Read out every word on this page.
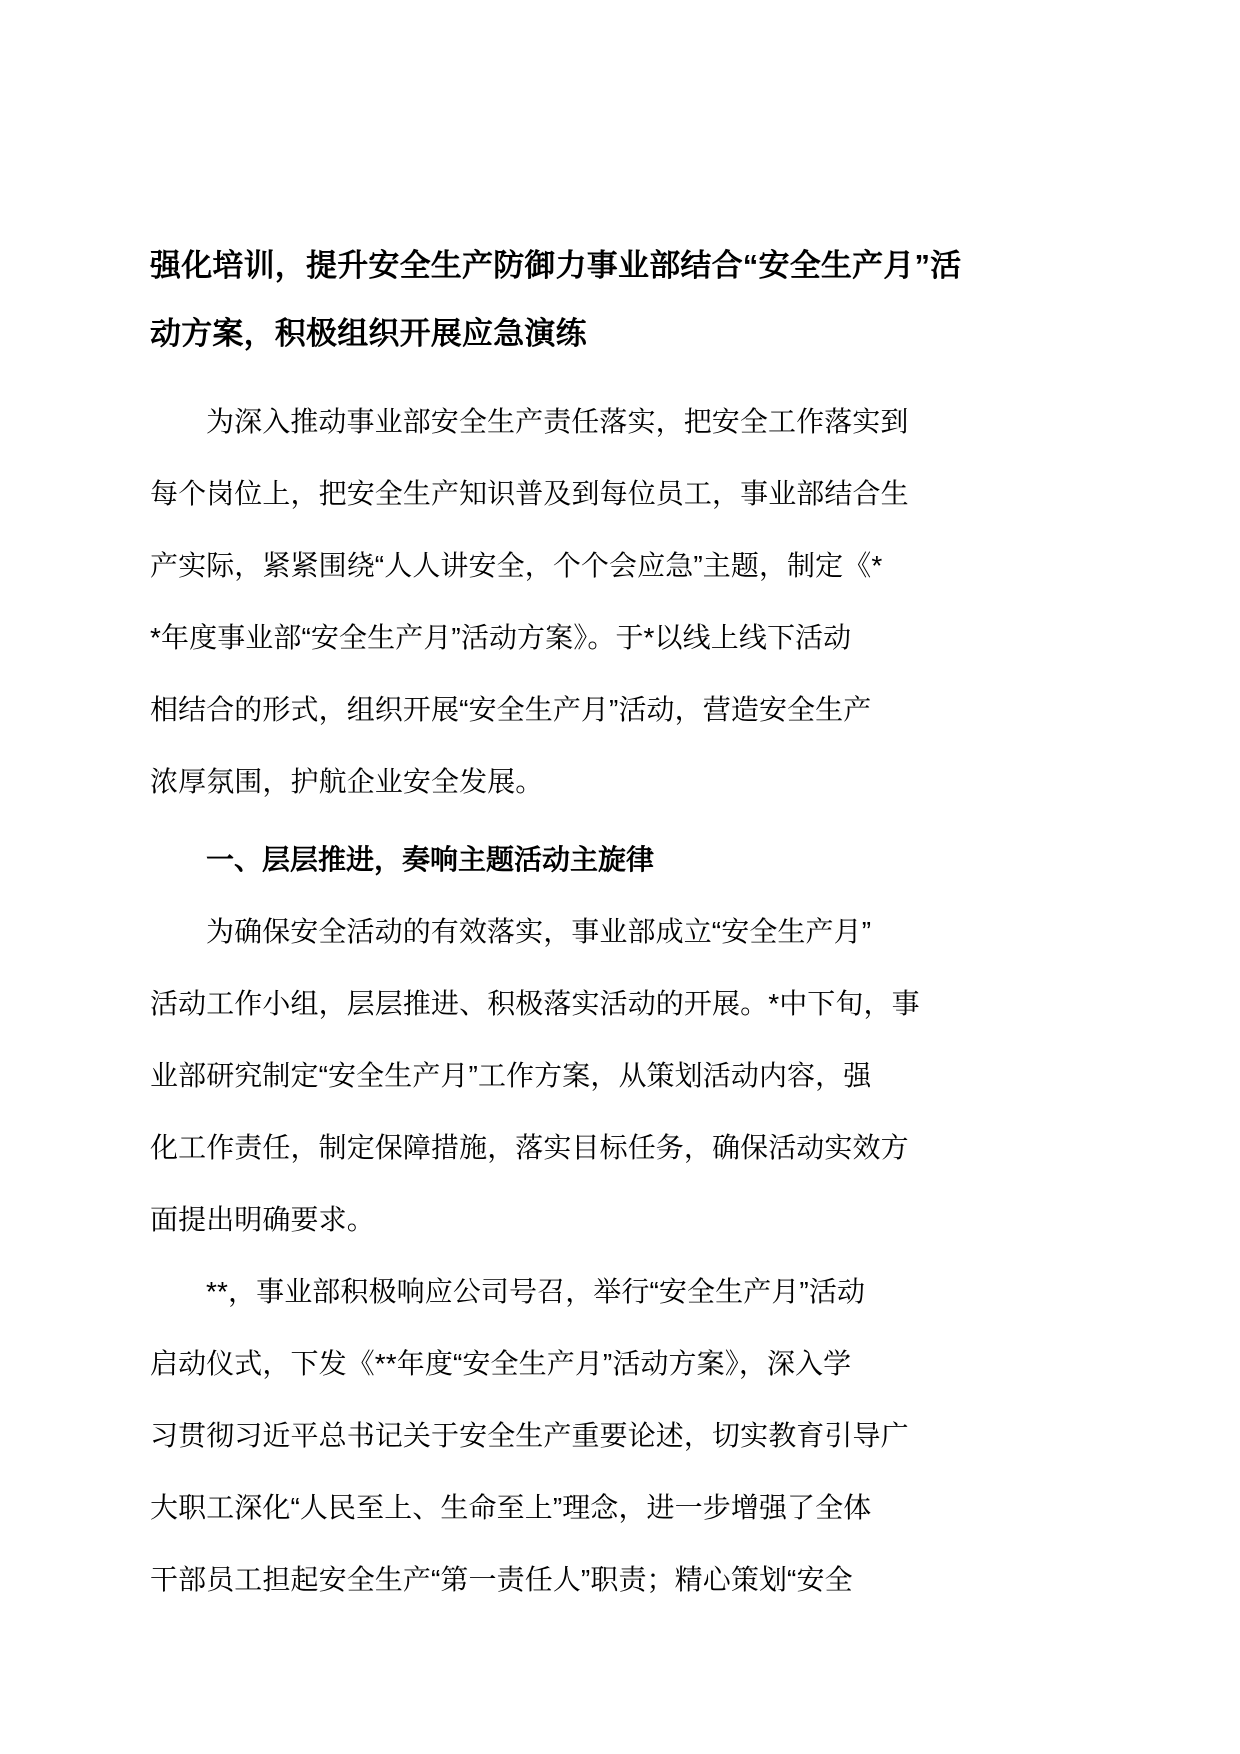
强化培训，提升安全生产防御力事业部结合“安全生产月”活
动方案，积极组织开展应急演练

为深入推动事业部安全生产责任落实，把安全工作落实到
每个岗位上，把安全生产知识普及到每位员工，事业部结合生
产实际，紧紧围绕“人人讲安全，个个会应急”主题，制定《*
*年度事业部“安全生产月”活动方案》。于*以线上线下活动
相结合的形式，组织开展“安全生产月”活动，营造安全生产
浓厚氛围，护航企业安全发展。

一、层层推进，奏响主题活动主旋律

为确保安全活动的有效落实，事业部成立“安全生产月”
活动工作小组，层层推进、积极落实活动的开展。*中下旬，事
业部研究制定“安全生产月”工作方案，从策划活动内容，强
化工作责任，制定保障措施，落实目标任务，确保活动实效方
面提出明确要求。

**，事业部积极响应公司号召，举行“安全生产月”活动
启动仪式，下发《**年度“安全生产月”活动方案》，深入学
习贯彻习近平总书记关于安全生产重要论述，切实教育引导广
大职工深化“人民至上、生命至上”理念，进一步增强了全体
干部员工担起安全生产“第一责任人”职责；精心策划“安全
